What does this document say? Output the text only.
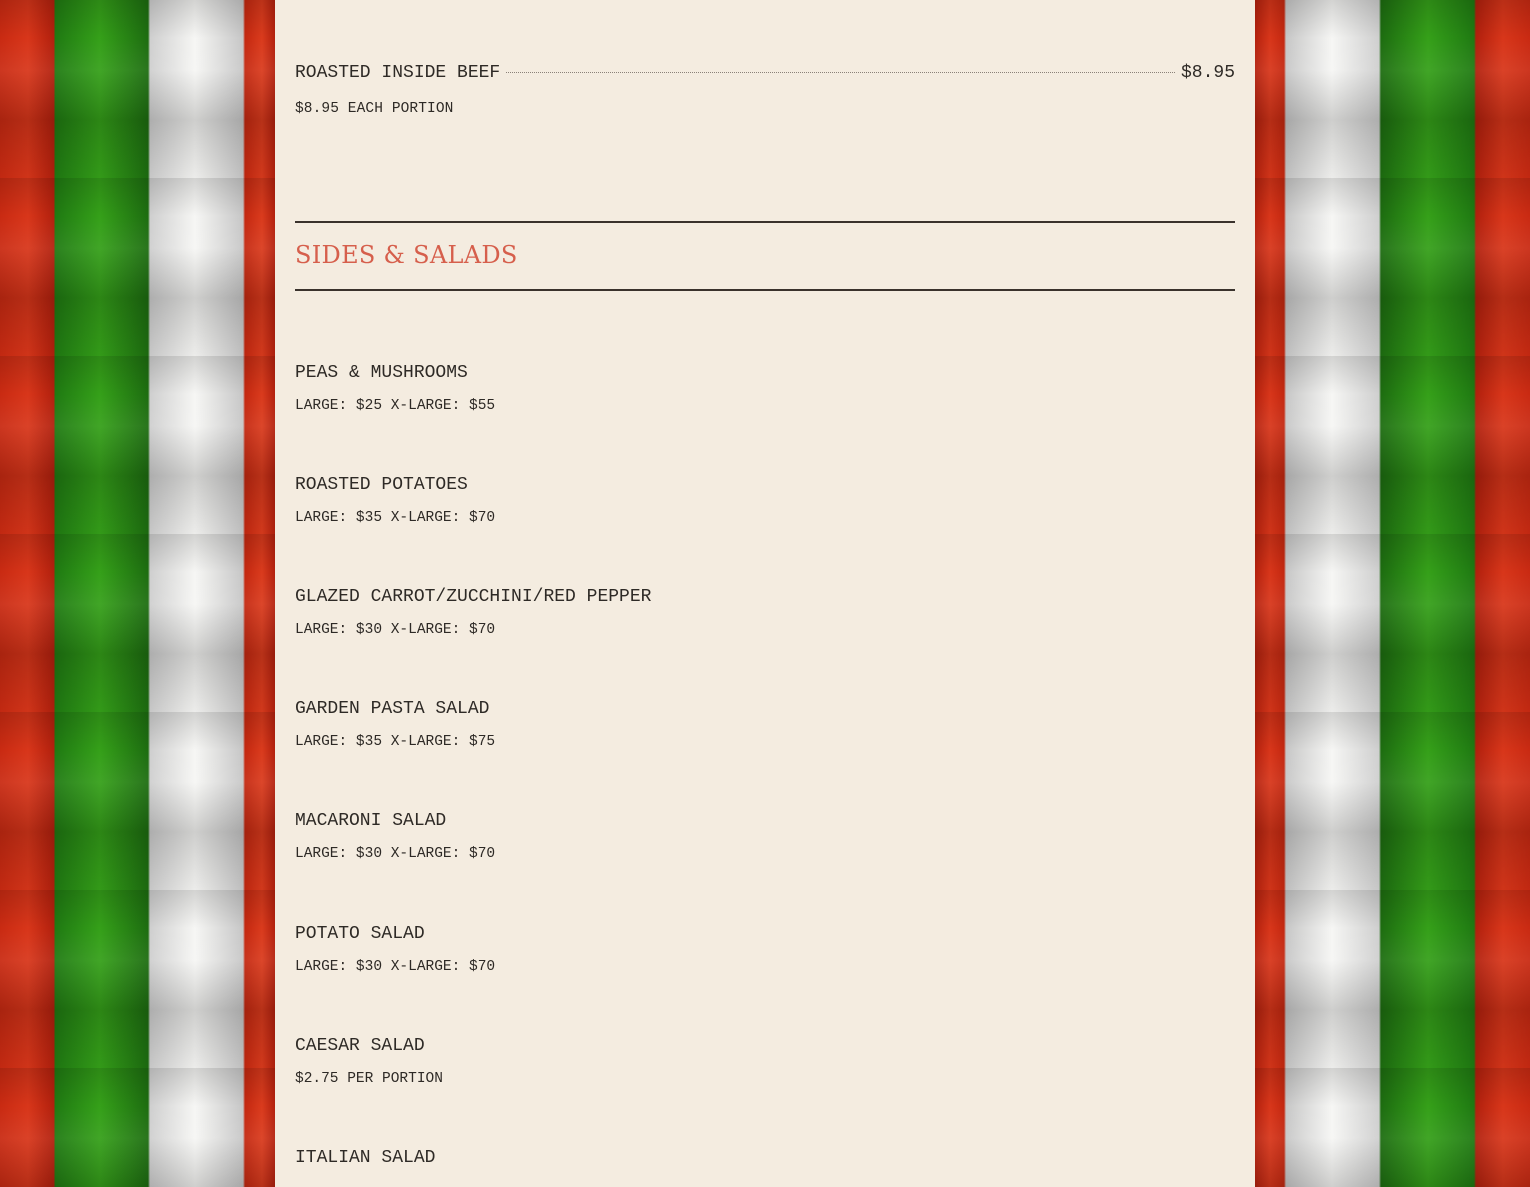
ROASTED INSIDE BEEF	$8.95
$8.95 EACH PORTION
SIDES & SALADS
PEAS & MUSHROOMS
LARGE: $25 X-LARGE: $55
ROASTED POTATOES
LARGE: $35 X-LARGE: $70
GLAZED CARROT/ZUCCHINI/RED PEPPER
LARGE: $30 X-LARGE: $70
GARDEN PASTA SALAD
LARGE: $35 X-LARGE: $75
MACARONI SALAD
LARGE: $30 X-LARGE: $70
POTATO SALAD
LARGE: $30 X-LARGE: $70
CAESAR SALAD
$2.75 PER PORTION
ITALIAN SALAD
